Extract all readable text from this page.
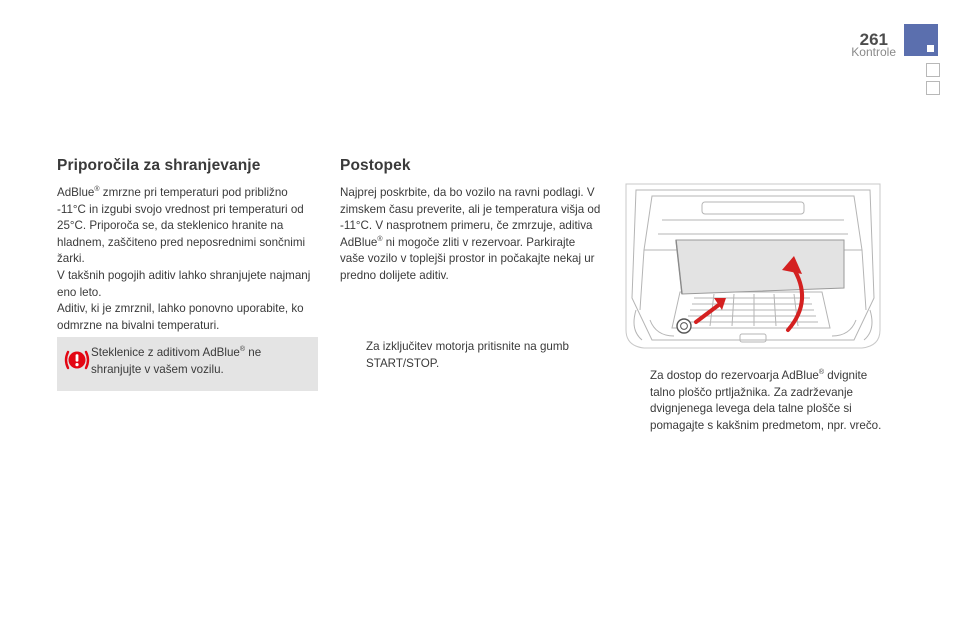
261
Kontrole
Priporočila za shranjevanje

AdBlue® zmrzne pri temperaturi pod približno -11°C in izgubi svojo vrednost pri temperaturi od 25°C. Priporoča se, da steklenico hranite na hladnem, zaščiteno pred neposrednimi sončnimi žarki.

V takšnih pogojih aditiv lahko shranjujete najmanj eno leto.

Aditiv, ki je zmrznil, lahko ponovno uporabite, ko odmrzne na bivalni temperaturi.

Steklenice z aditivom AdBlue® ne shranjujte v vašem vozilu.
Postopek

Najprej poskrbite, da bo vozilo na ravni podlagi. V zimskem času preverite, ali je temperatura višja od -11°C. V nasprotnem primeru, če zmrzuje, aditiva AdBlue® ni mogoče zliti v rezervoar. Parkirajte vaše vozilo v toplejši prostor in počakajte nekaj ur predno dolijete aditiv.

Za izključitev motorja pritisnite na gumb START/STOP.
Za dostop do rezervoarja AdBlue® dvignite talno ploščo prtljažnika. Za zadrževanje dvignjenega levega dela talne plošče si pomagajte s kakšnim predmetom, npr. vrečo.
